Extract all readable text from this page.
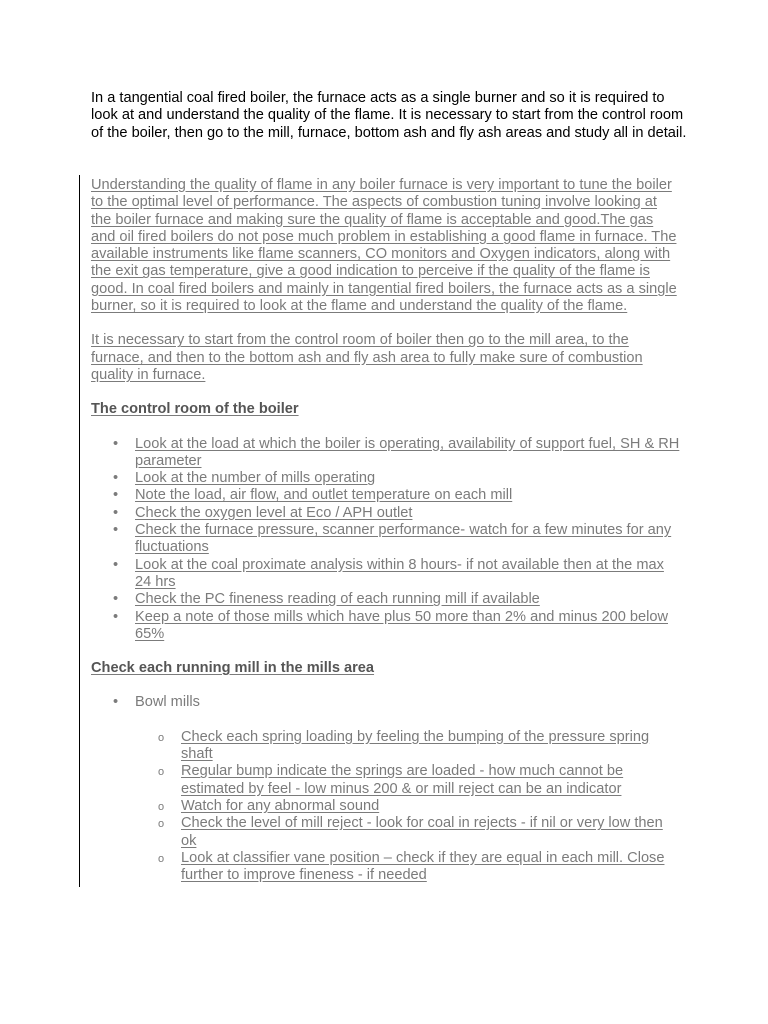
In a tangential coal fired boiler, the furnace acts as a single burner and so it is required to look at and understand the quality of the flame. It is necessary to start from the control room of the boiler, then go to the mill, furnace, bottom ash and fly ash areas and study all in detail.

Understanding the quality of flame in any boiler furnace is very important to tune the boiler to the optimal level of performance. The aspects of combustion tuning involve looking at the boiler furnace and making sure the quality of flame is acceptable and good.The gas and oil fired boilers do not pose much problem in establishing a good flame in furnace. The available instruments like flame scanners, CO monitors and Oxygen indicators, along with the exit gas temperature, give a good indication to perceive if the quality of the flame is good. In coal fired boilers and mainly in tangential fired boilers, the furnace acts as a single burner, so it is required to look at the flame and understand the quality of the flame.

It is necessary to start from the control room of boiler then go to the mill area, to the furnace, and then to the bottom ash and fly ash area to fully make sure of combustion quality in furnace.

The control room of the boiler

• Look at the load at which the boiler is operating, availability of support fuel, SH & RH parameter
• Look at the number of mills operating
• Note the load, air flow, and outlet temperature on each mill
• Check the oxygen level at Eco / APH outlet
• Check the furnace pressure, scanner performance- watch for a few minutes for any fluctuations
• Look at the coal proximate analysis within 8 hours- if not available then at the max 24 hrs
• Check the PC fineness reading of each running mill if available
• Keep a note of those mills which have plus 50 more than 2% and minus 200 below 65%

Check each running mill in the mills area

• Bowl mills
o Check each spring loading by feeling the bumping of the pressure spring shaft
o Regular bump indicate the springs are loaded - how much cannot be estimated by feel - low minus 200 & or mill reject can be an indicator
o Watch for any abnormal sound
o Check the level of mill reject - look for coal in rejects - if nil or very low then ok
o Look at classifier vane position – check if they are equal in each mill. Close further to improve fineness - if needed
